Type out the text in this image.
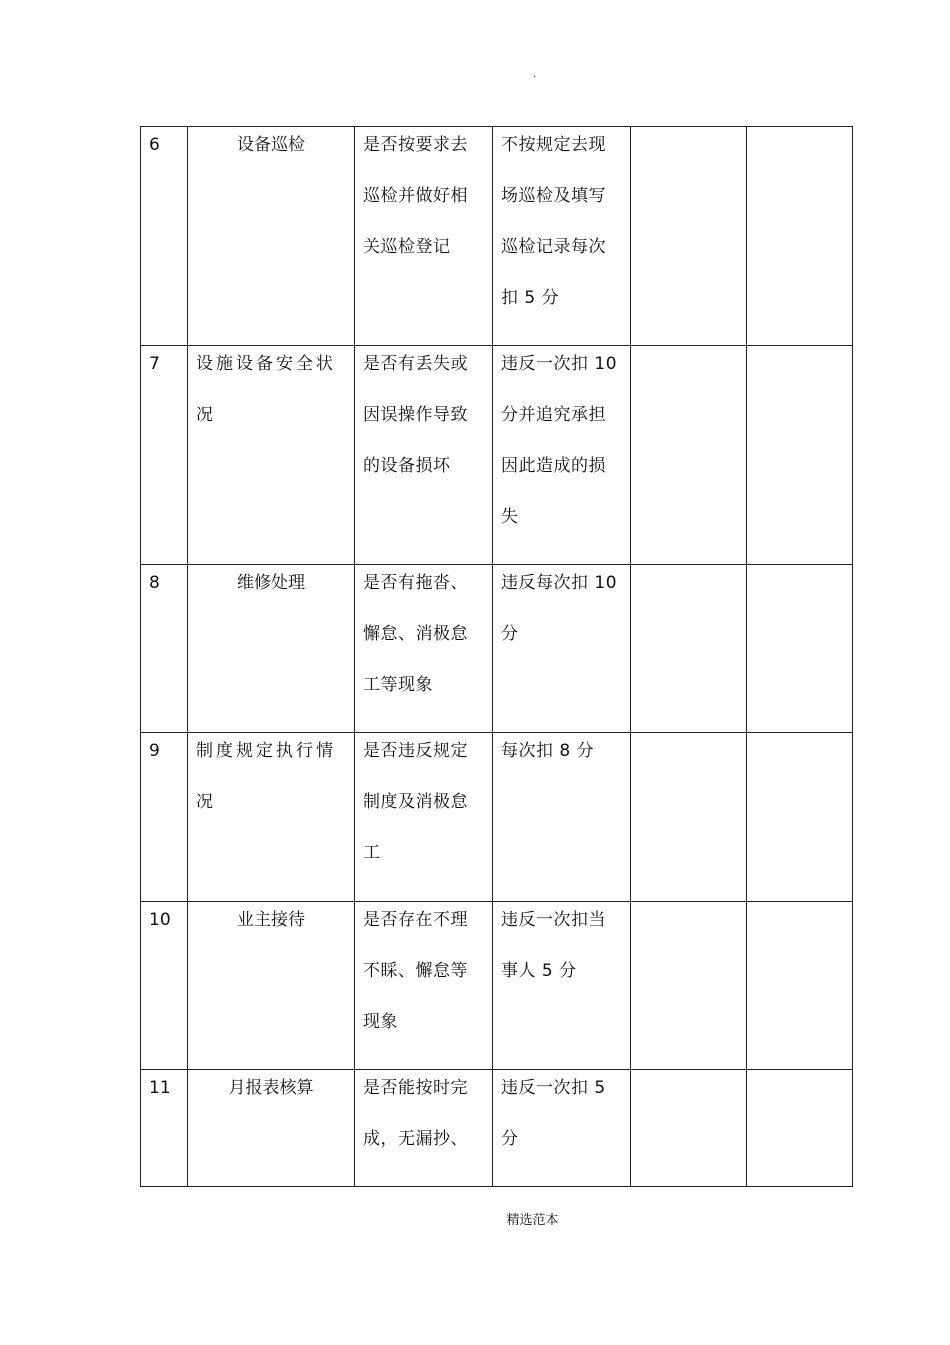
.
6	设备巡检	是否按要求去巡检并做好相关巡检登记	不按规定去现场巡检及填写巡检记录每次扣 5 分		

7	设施设备安全状况	是否有丢失或因误操作导致的设备损坏	违反一次扣 10 分并追究承担因此造成的损失		

8	维修处理	是否有拖沓、懈怠、消极怠工等现象	违反每次扣 10 分		

9	制度规定执行情况	是否违反规定制度及消极怠工	每次扣 8 分		

10	业主接待	是否存在不理不睬、懈怠等现象	违反一次扣当事人 5 分		

11	月报表核算	是否能按时完成，无漏抄、	违反一次扣 5 分		

精选范本
